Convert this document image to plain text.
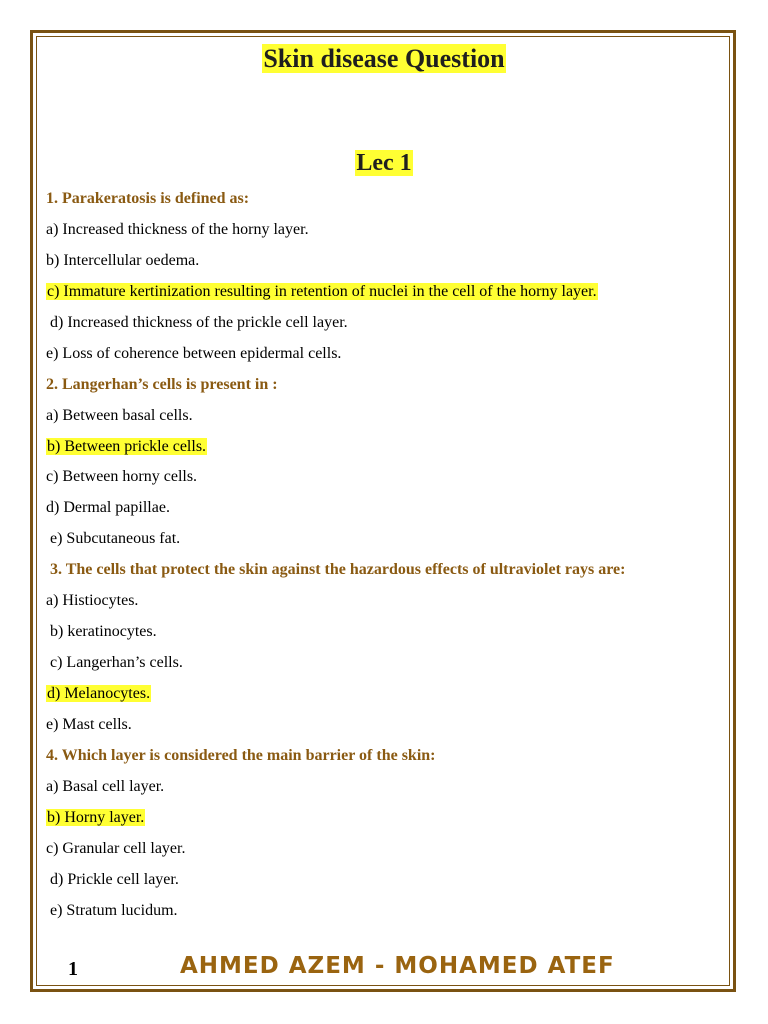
Skin disease Question
Lec 1
1. Parakeratosis is defined as:
a) Increased thickness of the horny layer.
b) Intercellular oedema.
c) Immature kertinization resulting in retention of nuclei in the cell of the horny layer.
d) Increased thickness of the prickle cell layer.
e) Loss of coherence between epidermal cells.
2. Langerhan’s cells is present in :
a) Between basal cells.
b) Between prickle cells.
c) Between horny cells.
d) Dermal papillae.
e) Subcutaneous fat.
3. The cells that protect the skin against the hazardous effects of ultraviolet rays are:
a) Histiocytes.
b) keratinocytes.
c) Langerhan’s cells.
d) Melanocytes.
e) Mast cells.
4. Which layer is considered the main barrier of the skin:
a) Basal cell layer.
b) Horny layer.
c) Granular cell layer.
d) Prickle cell layer.
e) Stratum lucidum.
1	AHMED AZEM - MOHAMED ATEF
